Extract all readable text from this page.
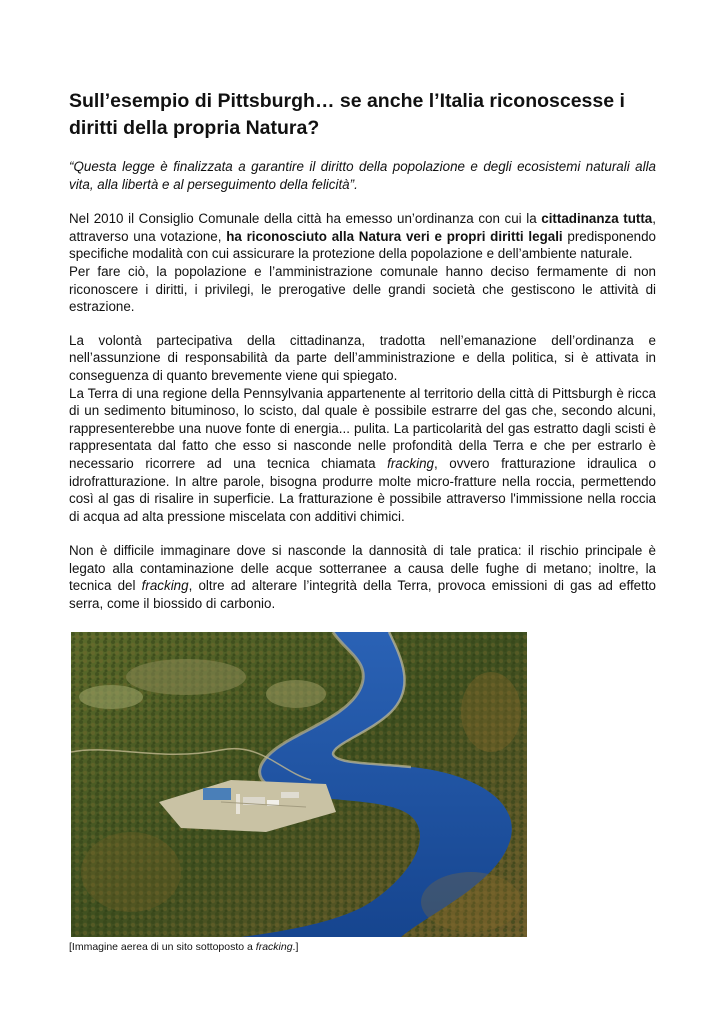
Sull’esempio di Pittsburgh… se anche l’Italia riconoscesse i diritti della propria Natura?

“Questa legge è finalizzata a garantire il diritto della popolazione e degli ecosistemi naturali alla vita, alla libertà e al perseguimento della felicità”.

Nel 2010 il Consiglio Comunale della città ha emesso un’ordinanza con cui la cittadinanza tutta, attraverso una votazione, ha riconosciuto alla Natura veri e propri diritti legali predisponendo specifiche modalità con cui assicurare la protezione della popolazione e dell’ambiente naturale.

Per fare ciò, la popolazione e l’amministrazione comunale hanno deciso fermamente di non riconoscere i diritti, i privilegi, le prerogative delle grandi società che gestiscono le attività di estrazione.

La volontà partecipativa della cittadinanza, tradotta nell’emanazione dell’ordinanza e nell’assunzione di responsabilità da parte dell’amministrazione e della politica, si è attivata in conseguenza di quanto brevemente viene qui spiegato.

La Terra di una regione della Pennsylvania appartenente al territorio della città di Pittsburgh è ricca di un sedimento bituminoso, lo scisto, dal quale è possibile estrarre del gas che, secondo alcuni, rappresenterebbe una nuove fonte di energia... pulita. La particolarità del gas estratto dagli scisti è rappresentata dal fatto che esso si nasconde nelle profondità della Terra e che per estrarlo è necessario ricorrere ad una tecnica chiamata fracking, ovvero fratturazione idraulica o idrofratturazione. In altre parole, bisogna produrre molte micro-fratture nella roccia, permettendo così al gas di risalire in superficie. La fratturazione è possibile attraverso l'immissione nella roccia di acqua ad alta pressione miscelata con additivi chimici.

Non è difficile immaginare dove si nasconde la dannosità di tale pratica: il rischio principale è legato alla contaminazione delle acque sotterranee a causa delle fughe di metano; inoltre, la tecnica del fracking, oltre ad alterare l’integrità della Terra, provoca emissioni di gas ad effetto serra, come il biossido di carbonio.

[Immagine aerea di un sito sottoposto a fracking.]
